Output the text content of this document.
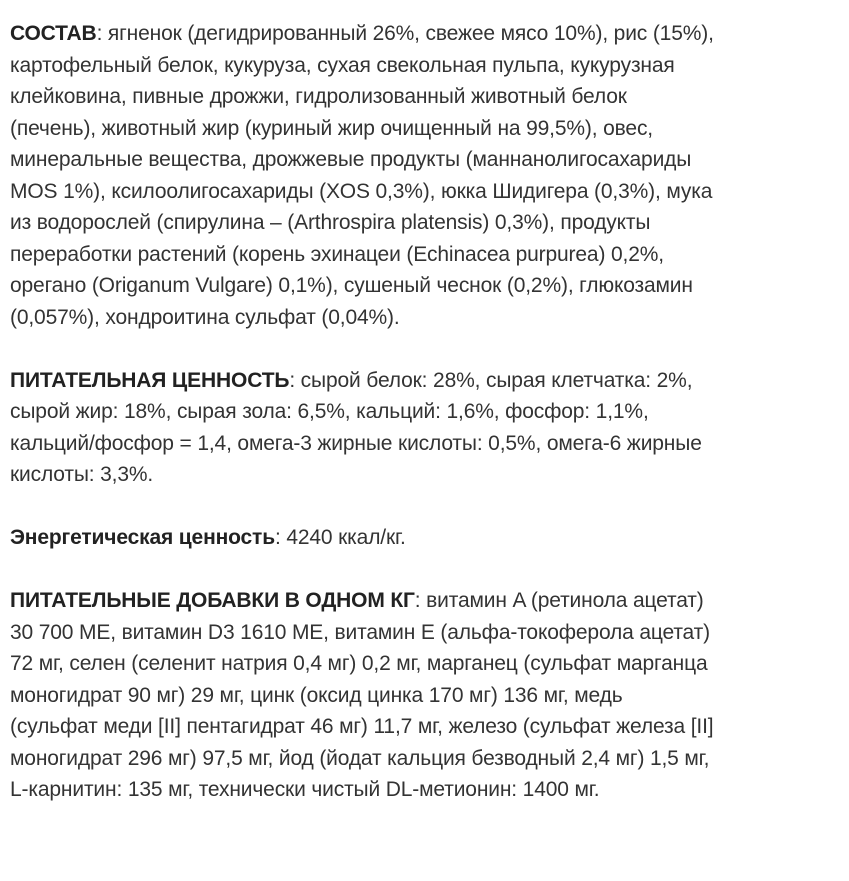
СОСТАВ: ягненок (дегидрированный 26%, свежее мясо 10%), рис (15%),
картофельный белок, кукуруза, сухая свекольная пульпа, кукурузная
клейковина, пивные дрожжи, гидролизованный животный белок
(печень), животный жир (куриный жир очищенный на 99,5%), овес,
минеральные вещества, дрожжевые продукты (маннанолигосахариды
MOS 1%), ксилоолигосахариды (XOS 0,3%), юкка Шидигера (0,3%), мука
из водорослей (спирулина – (Arthrospira platensis) 0,3%), продукты
переработки растений (корень эхинацеи (Echinacea purpurea) 0,2%,
орегано (Origanum Vulgare) 0,1%), сушеный чеснок (0,2%), глюкозамин
(0,057%), хондроитина сульфат (0,04%).

ПИТАТЕЛЬНАЯ ЦЕННОСТЬ: сырой белок: 28%, сырая клетчатка: 2%,
сырой жир: 18%, сырая зола: 6,5%, кальций: 1,6%, фосфор: 1,1%,
кальций/фосфор = 1,4, омега-3 жирные кислоты: 0,5%, омега-6 жирные
кислоты: 3,3%.

Энергетическая ценность: 4240 ккал/кг.

ПИТАТЕЛЬНЫЕ ДОБАВКИ В ОДНОМ КГ: витамин A (ретинола ацетат)
30 700 МЕ, витамин D3 1610 МЕ, витамин E (альфа-токоферола ацетат)
72 мг, селен (селенит натрия 0,4 мг) 0,2 мг, марганец (сульфат марганца
моногидрат 90 мг) 29 мг, цинк (оксид цинка 170 мг) 136 мг, медь
(сульфат меди [II] пентагидрат 46 мг) 11,7 мг, железо (сульфат железа [II]
моногидрат 296 мг) 97,5 мг, йод (йодат кальция безводный 2,4 мг) 1,5 мг,
L-карнитин: 135 мг, технически чистый DL-метионин: 1400 мг.
